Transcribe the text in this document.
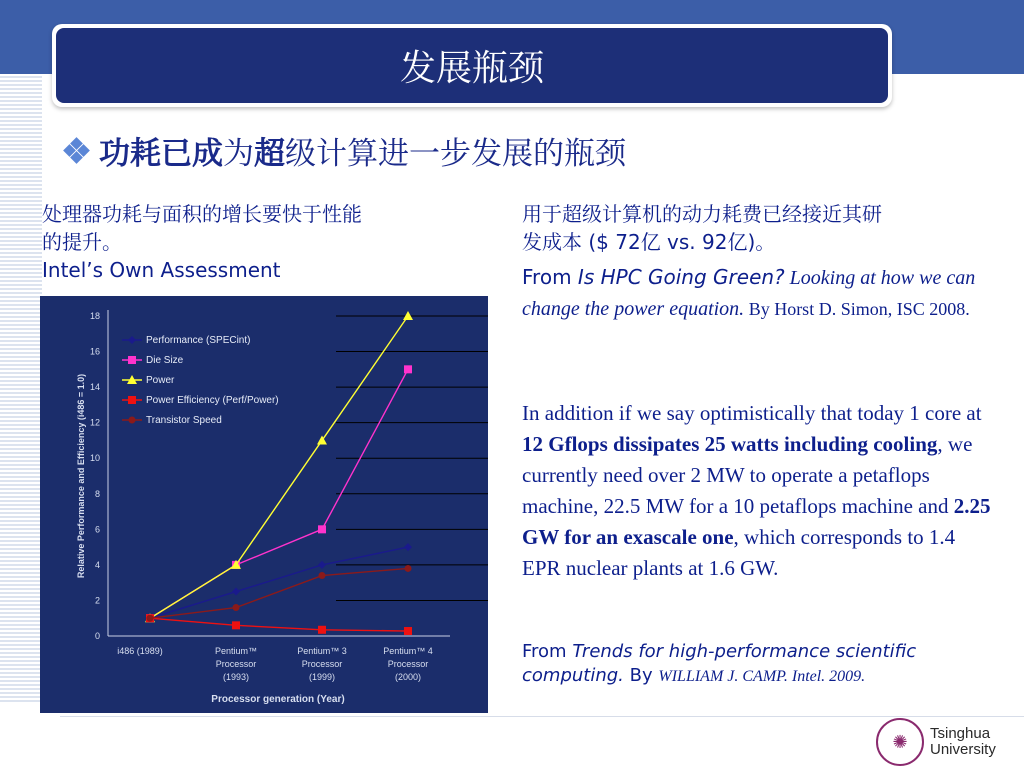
发展瓶颈
功耗已成为超级计算进一步发展的瓶颈
处理器功耗与面积的增长要快于性能
的提升。
Intel’s Own Assessment
0
2
4
6
8
10
12
14
16
18
Relative Performance and Efficiency (i486 = 1.0)
i486 (1989)	Pentium™
Processor
(1993)
Pentium™ 3
Processor
(1999)
Pentium™ 4
Processor
(2000)
Processor generation (Year)
Performance (SPECint)
Die Size
Power
Power Efficiency (Perf/Power)
Transistor Speed
用于超级计算机的动力耗费已经接近其研
发成本 ($ 72亿 vs. 92亿)。
From Is HPC Going Green? Looking at how we can change the power equation. By Horst D. Simon, ISC 2008.
In addition if we say optimistically that today 1 core at 12 Gflops dissipates 25 watts including cooling, we currently need over 2 MW to operate a petaflops machine, 22.5 MW for a 10 petaflops machine and 2.25 GW for an exascale one, which corresponds to 1.4 EPR nuclear plants at 1.6 GW.
From Trends for high-performance scientific computing. By WILLIAM J. CAMP. Intel. 2009.
✺	Tsinghua
University
